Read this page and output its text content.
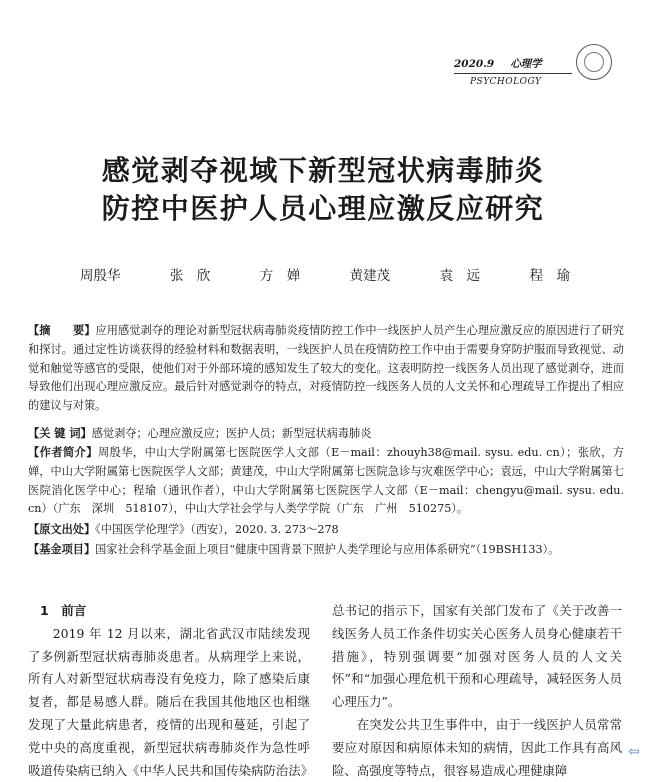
2020.9 心理学
PSYCHOLOGY
感觉剥夺视域下新型冠状病毒肺炎
防控中医护人员心理应激反应研究
周殷华	张　欣	方　婵	黄建茂	袁　远	程　瑜

【摘　　要】应用感觉剥夺的理论对新型冠状病毒肺炎疫情防控工作中一线医护人员产生心理应激反应的原因进行了研究和探讨。通过定性访谈获得的经验材料和数据表明，一线医护人员在疫情防控工作中由于需要身穿防护服而导致视觉、动觉和触觉等感官的受限，使他们对于外部环境的感知发生了较大的变化。这表明防控一线医务人员出现了感觉剥夺，进而导致他们出现心理应激反应。最后针对感觉剥夺的特点，对疫情防控一线医务人员的人文关怀和心理疏导工作提出了相应的建议与对策。

【关 键 词】感觉剥夺；心理应激反应；医护人员；新型冠状病毒肺炎

【作者简介】周殷华，中山大学附属第七医院医学人文部（E－mail：zhouyh38@mail. sysu. edu. cn）；张欣，方婵，中山大学附属第七医院医学人文部；黄建茂，中山大学附属第七医院急诊与灾难医学中心；袁远，中山大学附属第七医院消化医学中心；程瑜（通讯作者），中山大学附属第七医院医学人文部（E－mail：chengyu@mail. sysu. edu. cn）（广东　深圳　518107），中山大学社会学与人类学学院（广东　广州　510275）。

【原文出处】《中国医学伦理学》（西安），2020. 3. 273～278

【基金项目】国家社会科学基金面上项目“健康中国背景下照护人类学理论与应用体系研究”（19BSH133）。

1　前言

2019 年 12 月以来，湖北省武汉市陆续发现了多例新型冠状病毒肺炎患者。从病理学上来说，所有人对新型冠状病毒没有免疫力，除了感染后康复者，都是易感人群。随后在我国其他地区也相继发现了大量此病患者，疫情的出现和蔓延，引起了党中央的高度重视，新型冠状病毒肺炎作为急性呼吸道传染病已纳入《中华人民共和国传染病防治法》

总书记的指示下，国家有关部门发布了《关于改善一线医务人员工作条件切实关心医务人员身心健康若干措施》，特别强调要“加强对医务人员的人文关怀”和“加强心理危机干预和心理疏导，减轻医务人员心理压力”。

在突发公共卫生事件中，由于一线医护人员常常要应对原因和病原体未知的病情，因此工作具有高风险、高强度等特点，很容易造成心理健康障

⇦
